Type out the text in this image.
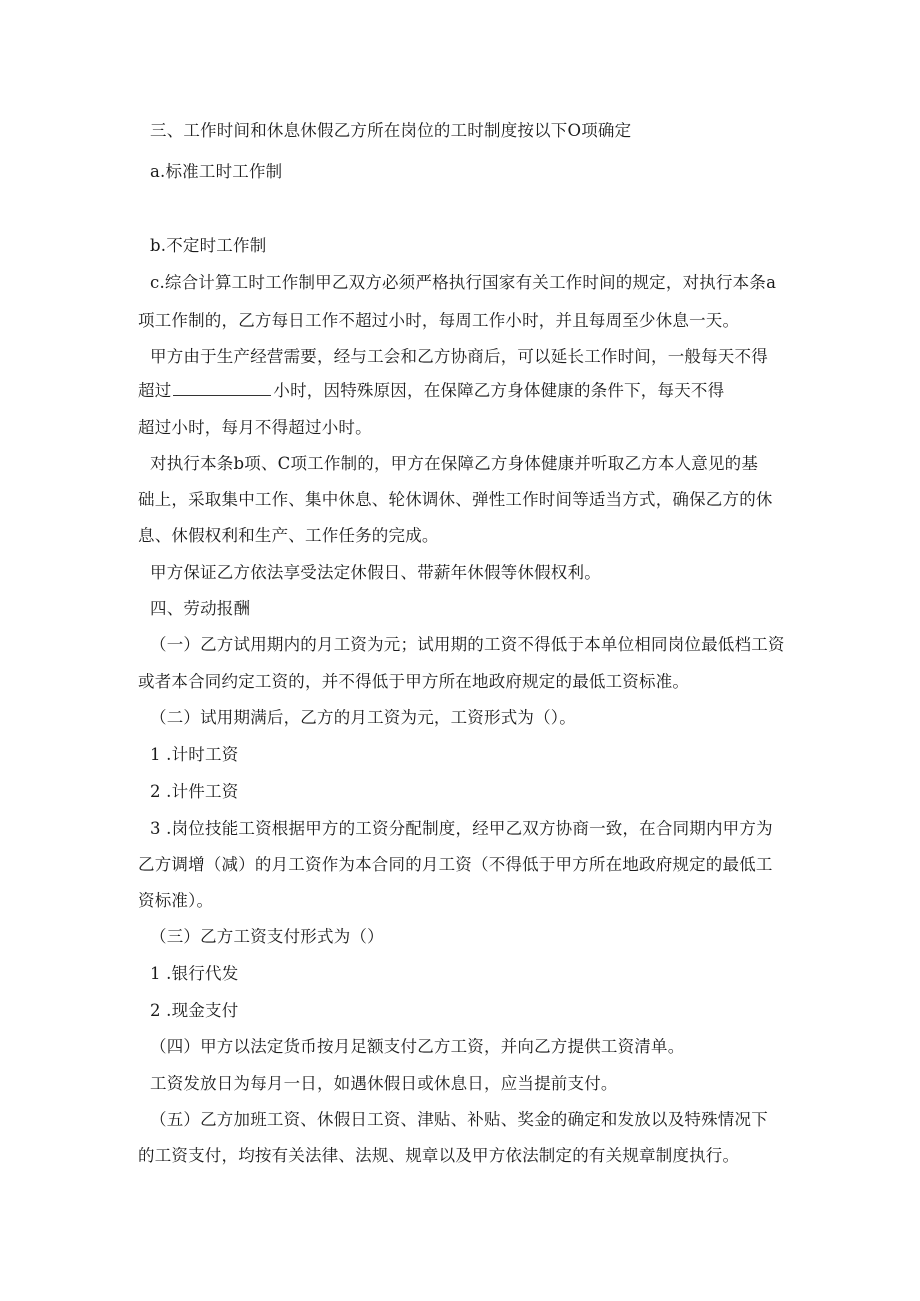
三、工作时间和休息休假乙方所在岗位的工时制度按以下O项确定
a.标准工时工作制
b.不定时工作制
c.综合计算工时工作制甲乙双方必须严格执行国家有关工作时间的规定，对执行本条a
项工作制的，乙方每日工作不超过小时，每周工作小时，并且每周至少休息一天。
甲方由于生产经营需要，经与工会和乙方协商后，可以延长工作时间，一般每天不得
超过	小时，因特殊原因，在保障乙方身体健康的条件下，每天不得
超过小时，每月不得超过小时。
对执行本条b项、C项工作制的，甲方在保障乙方身体健康并听取乙方本人意见的基
础上，采取集中工作、集中休息、轮休调休、弹性工作时间等适当方式，确保乙方的休
息、休假权利和生产、工作任务的完成。
甲方保证乙方依法享受法定休假日、带薪年休假等休假权利。
四、劳动报酬
（一）乙方试用期内的月工资为元；试用期的工资不得低于本单位相同岗位最低档工资
或者本合同约定工资的，并不得低于甲方所在地政府规定的最低工资标准。
（二）试用期满后，乙方的月工资为元，工资形式为（）。
1 .计时工资
2 .计件工资
3 .岗位技能工资根据甲方的工资分配制度，经甲乙双方协商一致，在合同期内甲方为
乙方调增（减）的月工资作为本合同的月工资（不得低于甲方所在地政府规定的最低工
资标准）。
（三）乙方工资支付形式为（）
1 .银行代发
2 .现金支付
（四）甲方以法定货币按月足额支付乙方工资，并向乙方提供工资清单。
工资发放日为每月一日，如遇休假日或休息日，应当提前支付。
（五）乙方加班工资、休假日工资、津贴、补贴、奖金的确定和发放以及特殊情况下
的工资支付，均按有关法律、法规、规章以及甲方依法制定的有关规章制度执行。
